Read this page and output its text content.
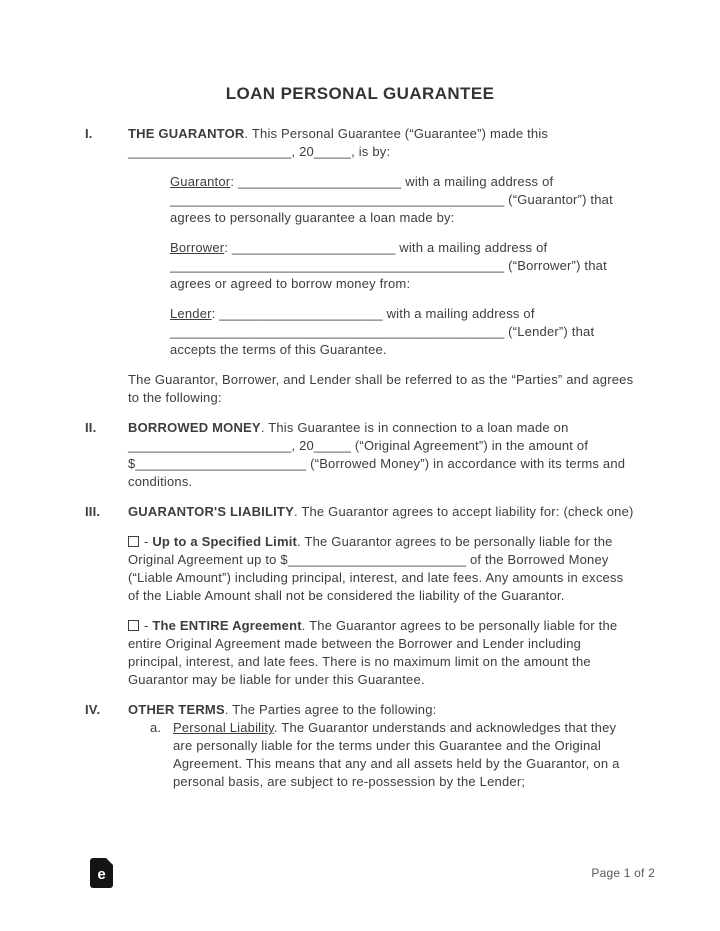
LOAN PERSONAL GUARANTEE
I.	THE GUARANTOR. This Personal Guarantee (“Guarantee”) made this ______________________, 20_____, is by:

Guarantor: ______________________ with a mailing address of _____________________________________________ (“Guarantor”) that agrees to personally guarantee a loan made by:

Borrower: ______________________ with a mailing address of _____________________________________________ (“Borrower”) that agrees or agreed to borrow money from:

Lender: ______________________ with a mailing address of _____________________________________________ (“Lender”) that accepts the terms of this Guarantee.

The Guarantor, Borrower, and Lender shall be referred to as the “Parties” and agrees to the following:

II.	BORROWED MONEY. This Guarantee is in connection to a loan made on ______________________, 20_____ (“Original Agreement”) in the amount of $_______________________ (“Borrowed Money”) in accordance with its terms and conditions.

III.	GUARANTOR'S LIABILITY. The Guarantor agrees to accept liability for: (check one)

- Up to a Specified Limit. The Guarantor agrees to be personally liable for the Original Agreement up to $________________________ of the Borrowed Money (“Liable Amount”) including principal, interest, and late fees. Any amounts in excess of the Liable Amount shall not be considered the liability of the Guarantor.

- The ENTIRE Agreement. The Guarantor agrees to be personally liable for the entire Original Agreement made between the Borrower and Lender including principal, interest, and late fees. There is no maximum limit on the amount the Guarantor may be liable for under this Guarantee.

IV.	OTHER TERMS. The Parties agree to the following:

a. Personal Liability. The Guarantor understands and acknowledges that they are personally liable for the terms under this Guarantee and the Original Agreement. This means that any and all assets held by the Guarantor, on a personal basis, are subject to re-possession by the Lender;
e	Page 1 of 2
